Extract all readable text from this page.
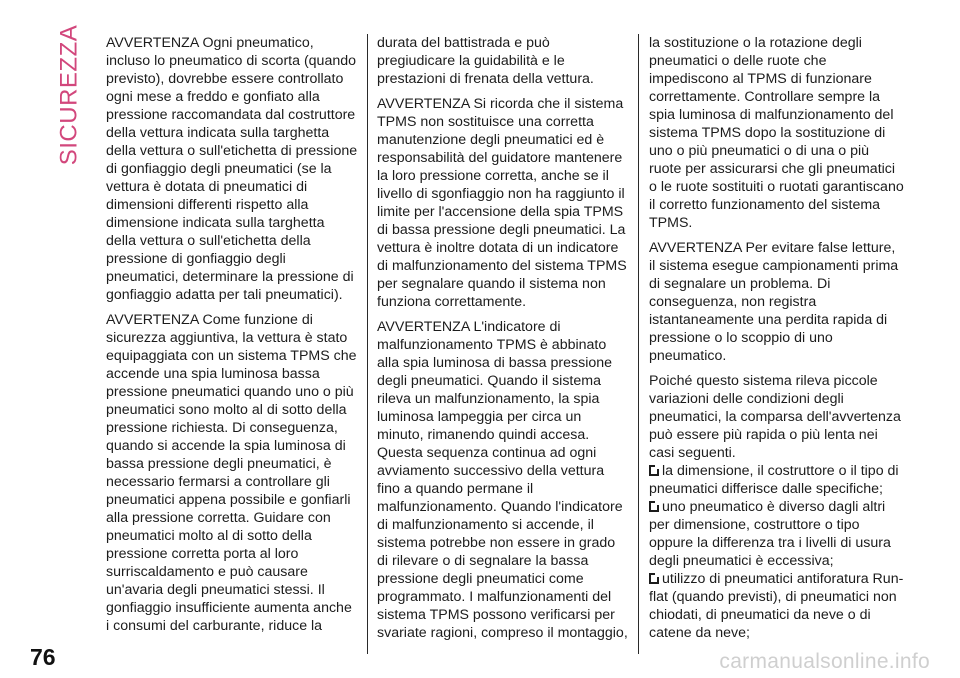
SICUREZZA AVVERTENZA Ogni pneumatico, incluso lo pneumatico di scorta (quando previsto), dovrebbe essere controllato ogni mese a freddo e gonfiato alla pressione raccomandata dal costruttore della vettura indicata sulla targhetta della vettura o sull'etichetta di pressione di gonfiaggio degli pneumatici (se la vettura è dotata di pneumatici di dimensioni differenti rispetto alla dimensione indicata sulla targhetta della vettura o sull'etichetta della pressione di gonfiaggio degli pneumatici, determinare la pressione di gonfiaggio adatta per tali pneumatici).

AVVERTENZA Come funzione di sicurezza aggiuntiva, la vettura è stato equipaggiata con un sistema TPMS che accende una spia luminosa bassa pressione pneumatici quando uno o più pneumatici sono molto al di sotto della pressione richiesta. Di conseguenza, quando si accende la spia luminosa di bassa pressione degli pneumatici, è necessario fermarsi a controllare gli pneumatici appena possibile e gonfiarli alla pressione corretta. Guidare con pneumatici molto al di sotto della pressione corretta porta al loro surriscaldamento e può causare un'avaria degli pneumatici stessi. Il gonfiaggio insufficiente aumenta anche i consumi del carburante, riduce la

durata del battistrada e può pregiudicare la guidabilità e le prestazioni di frenata della vettura.

AVVERTENZA Si ricorda che il sistema TPMS non sostituisce una corretta manutenzione degli pneumatici ed è responsabilità del guidatore mantenere la loro pressione corretta, anche se il livello di sgonfiaggio non ha raggiunto il limite per l'accensione della spia TPMS di bassa pressione degli pneumatici. La vettura è inoltre dotata di un indicatore di malfunzionamento del sistema TPMS per segnalare quando il sistema non funziona correttamente.

AVVERTENZA L'indicatore di malfunzionamento TPMS è abbinato alla spia luminosa di bassa pressione degli pneumatici. Quando il sistema rileva un malfunzionamento, la spia luminosa lampeggia per circa un minuto, rimanendo quindi accesa. Questa sequenza continua ad ogni avviamento successivo della vettura fino a quando permane il malfunzionamento. Quando l'indicatore di malfunzionamento si accende, il sistema potrebbe non essere in grado di rilevare o di segnalare la bassa pressione degli pneumatici come programmato. I malfunzionamenti del sistema TPMS possono verificarsi per svariate ragioni, compreso il montaggio,

la sostituzione o la rotazione degli pneumatici o delle ruote che impediscono al TPMS di funzionare correttamente. Controllare sempre la spia luminosa di malfunzionamento del sistema TPMS dopo la sostituzione di uno o più pneumatici o di una o più ruote per assicurarsi che gli pneumatici o le ruote sostituiti o ruotati garantiscano il corretto funzionamento del sistema TPMS.

AVVERTENZA Per evitare false letture, il sistema esegue campionamenti prima di segnalare un problema. Di conseguenza, non registra istantaneamente una perdita rapida di pressione o lo scoppio di uno pneumatico.

Poiché questo sistema rileva piccole variazioni delle condizioni degli pneumatici, la comparsa dell'avvertenza può essere più rapida o più lenta nei casi seguenti.

la dimensione, il costruttore o il tipo di pneumatici differisce dalle specifiche;
uno pneumatico è diverso dagli altri per dimensione, costruttore o tipo oppure la differenza tra i livelli di usura degli pneumatici è eccessiva;
utilizzo di pneumatici antiforatura Run-flat (quando previsti), di pneumatici non chiodati, di pneumatici da neve o di catene da neve;
76	carmanualsonline.info
